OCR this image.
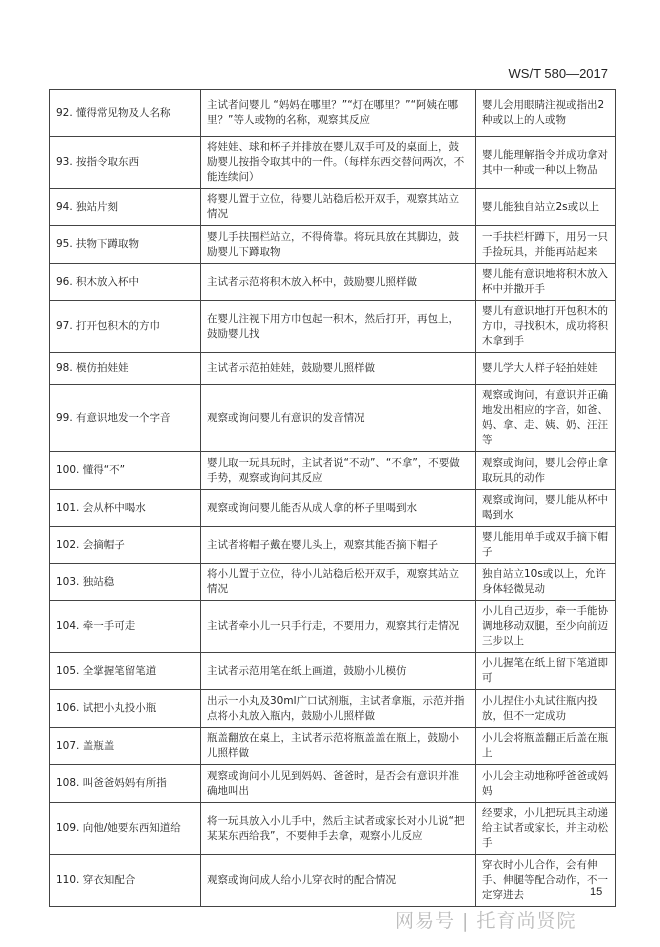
WS/T 580—2017
92. 懂得常见物及人名称	主试者问婴儿 “妈妈在哪里？”“灯在哪里？”“阿姨在哪里？”等人或物的名称，观察其反应	婴儿会用眼睛注视或指出2种或以上的人或物
93. 按指令取东西	将娃娃、球和杯子并排放在婴儿双手可及的桌面上，鼓励婴儿按指令取其中的一件。（每样东西交替问两次，不能连续问）	婴儿能理解指令并成功拿对其中一种或一种以上物品
94. 独站片刻	将婴儿置于立位，待婴儿站稳后松开双手，观察其站立情况	婴儿能独自站立2s或以上
95. 扶物下蹲取物	婴儿手扶围栏站立，不得倚靠。将玩具放在其脚边，鼓励婴儿下蹲取物	一手扶栏杆蹲下，用另一只手捡玩具，并能再站起来
96. 积木放入杯中	主试者示范将积木放入杯中，鼓励婴儿照样做	婴儿能有意识地将积木放入杯中并撒开手
97. 打开包积木的方巾	在婴儿注视下用方巾包起一积木，然后打开，再包上，鼓励婴儿找	婴儿有意识地打开包积木的方巾，寻找积木，成功将积木拿到手
98. 模仿拍娃娃	主试者示范拍娃娃，鼓励婴儿照样做	婴儿学大人样子轻拍娃娃
99. 有意识地发一个字音	观察或询问婴儿有意识的发音情况	观察或询问，有意识并正确地发出相应的字音，如爸、妈、拿、走、姨、奶、汪汪等
100. 懂得“不”	婴儿取一玩具玩时，主试者说“不动”、“不拿”，不要做手势，观察或询问其反应	观察或询问，婴儿会停止拿取玩具的动作
101. 会从杯中喝水	观察或询问婴儿能否从成人拿的杯子里喝到水	观察或询问，婴儿能从杯中喝到水
102. 会摘帽子	主试者将帽子戴在婴儿头上，观察其能否摘下帽子	婴儿能用单手或双手摘下帽子
103. 独站稳	将小儿置于立位，待小儿站稳后松开双手，观察其站立情况	独自站立10s或以上，允许身体轻微晃动
104. 牵一手可走	主试者牵小儿一只手行走，不要用力，观察其行走情况	小儿自己迈步，牵一手能协调地移动双腿，至少向前迈三步以上
105. 全掌握笔留笔道	主试者示范用笔在纸上画道，鼓励小儿模仿	小儿握笔在纸上留下笔道即可
106. 试把小丸投小瓶	出示一小丸及30ml广口试剂瓶，主试者拿瓶，示范并指点将小丸放入瓶内，鼓励小儿照样做	小儿捏住小丸试往瓶内投放，但不一定成功
107. 盖瓶盖	瓶盖翻放在桌上，主试者示范将瓶盖盖在瓶上，鼓励小儿照样做	小儿会将瓶盖翻正后盖在瓶上
108. 叫爸爸妈妈有所指	观察或询问小儿见到妈妈、爸爸时，是否会有意识并准确地叫出	小儿会主动地称呼爸爸或妈妈
109. 向他/她要东西知道给	将一玩具放入小儿手中，然后主试者或家长对小儿说“把某某东西给我”，不要伸手去拿，观察小儿反应	经要求，小儿把玩具主动递给主试者或家长，并主动松手
110. 穿衣知配合	观察或询问成人给小儿穿衣时的配合情况	穿衣时小儿合作，会有伸手、伸腿等配合动作，不一定穿进去	15
网易号 | 托育尚贤院
